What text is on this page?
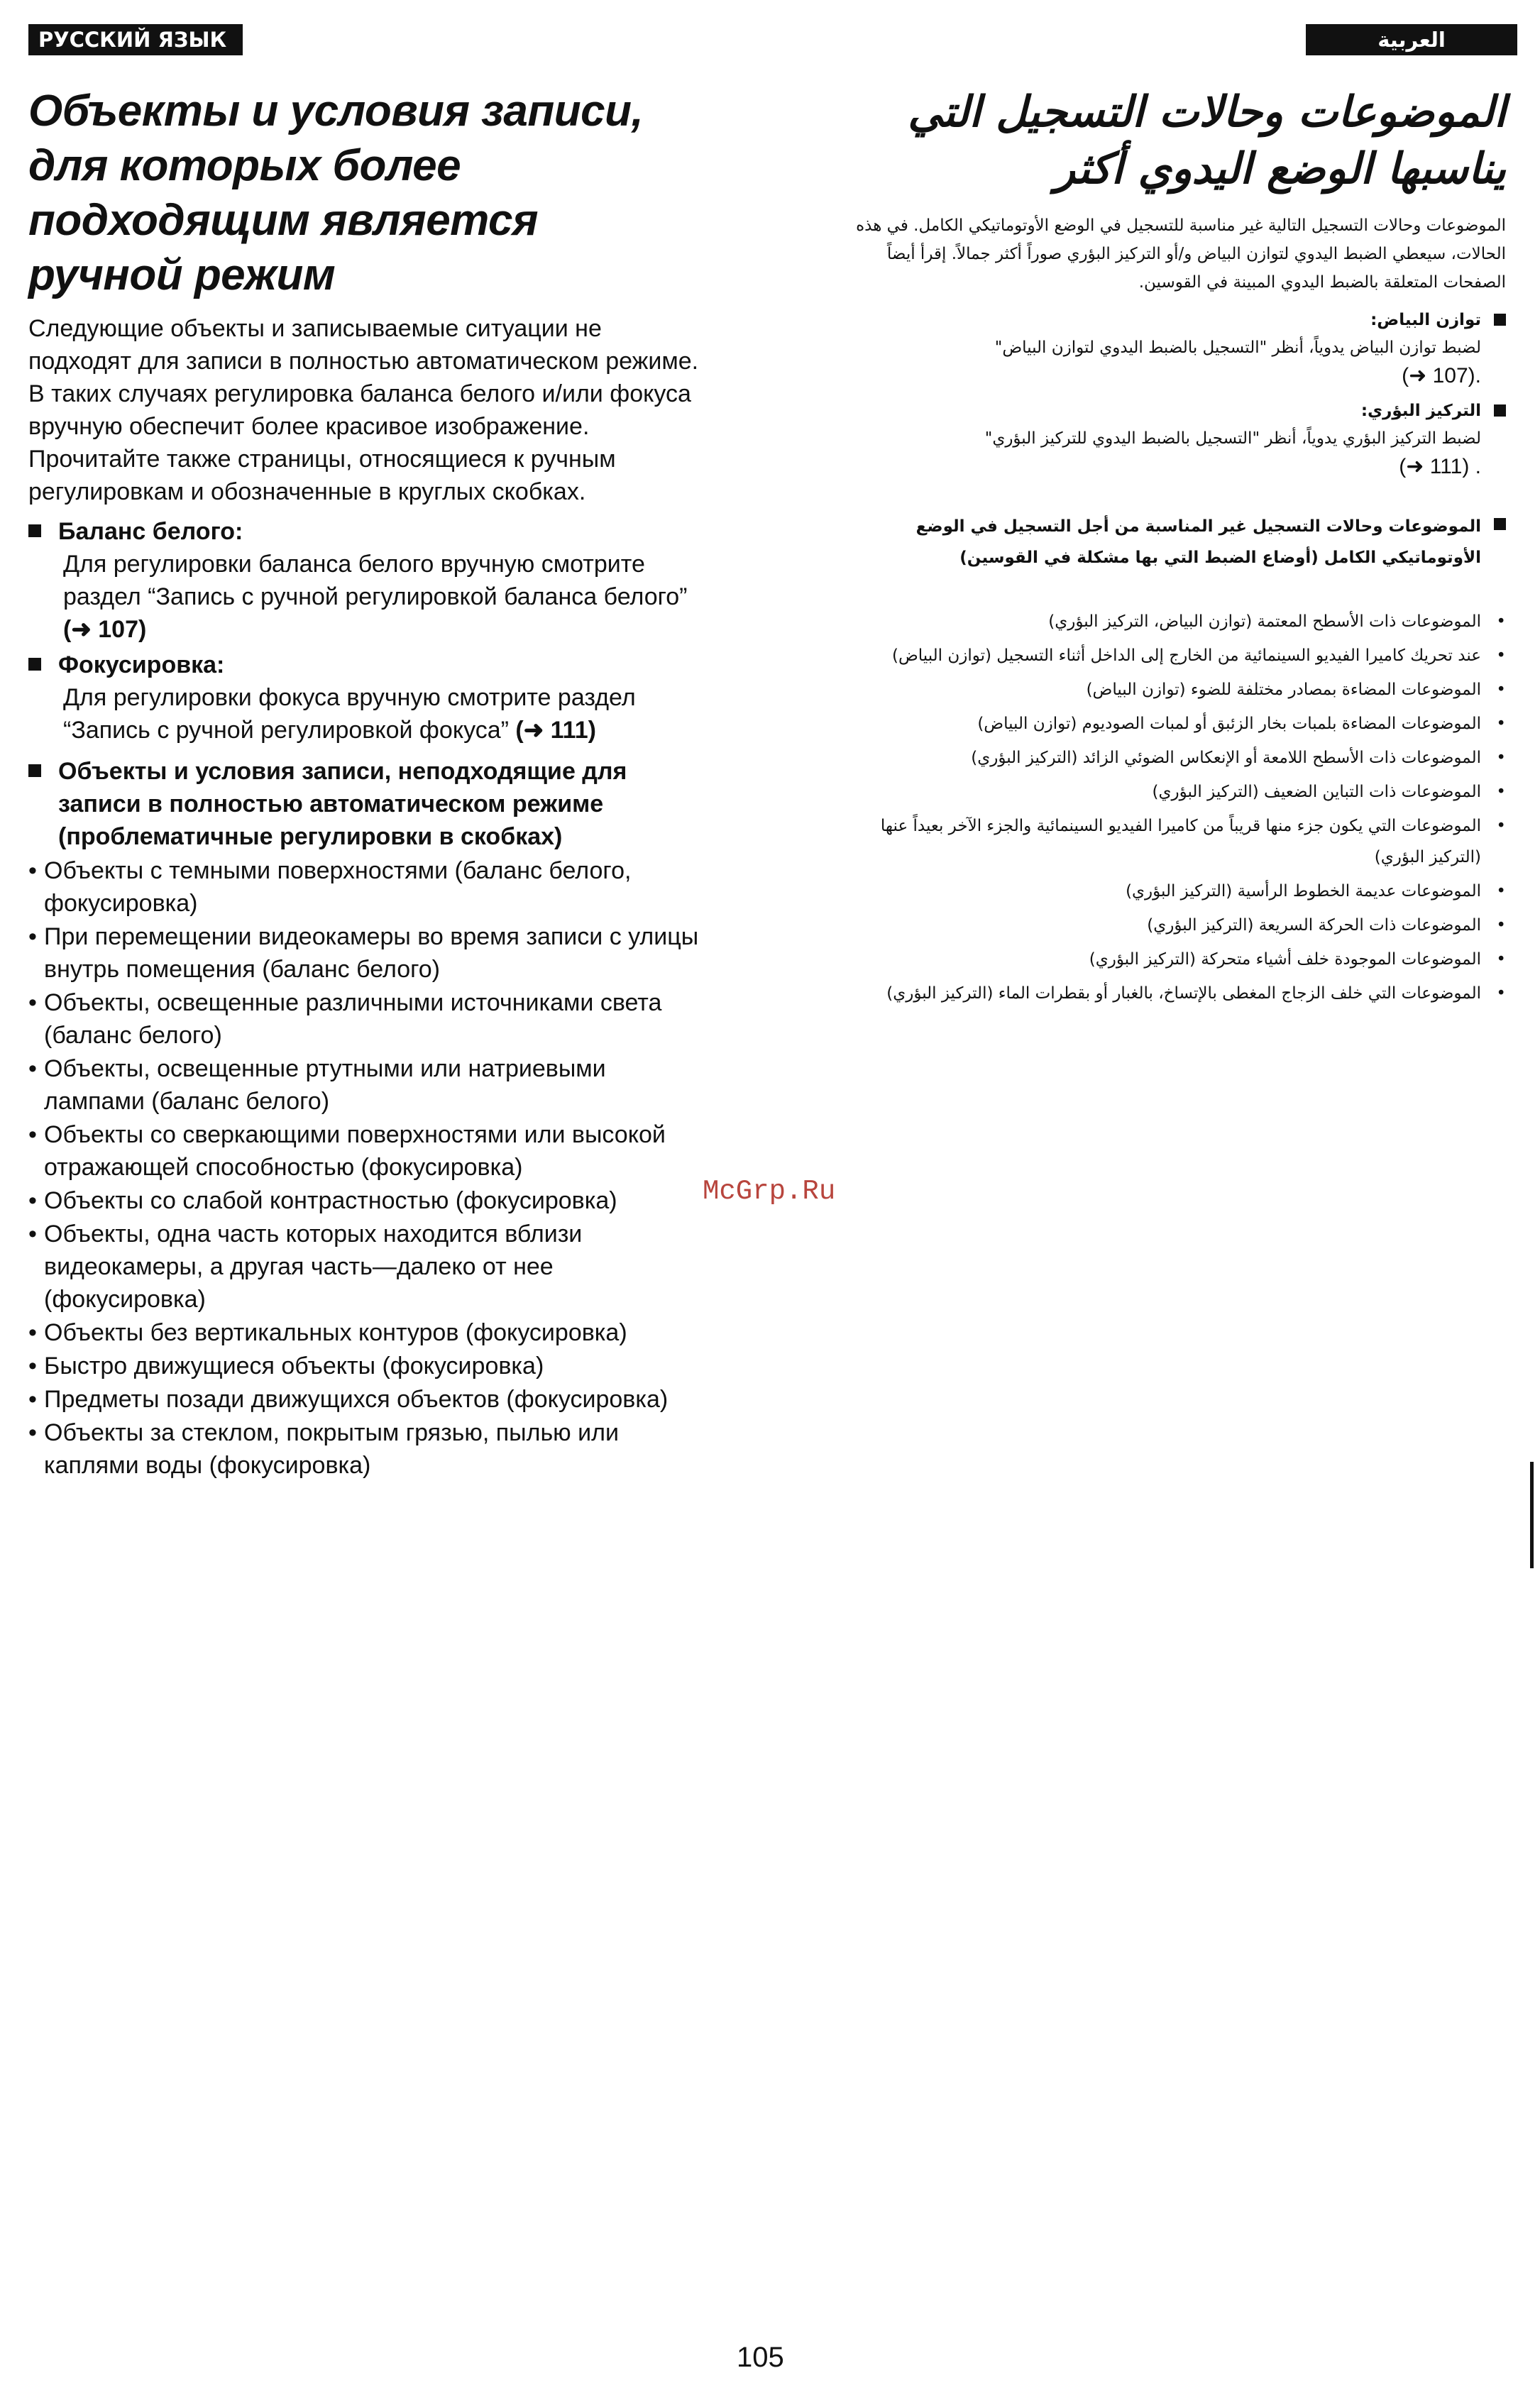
РУССКИЙ ЯЗЫК	العربية
Объекты и условия записи,
для которых более
подходящим является
ручной режим

Следующие объекты и записываемые ситуации не подходят для записи в полностью автоматическом режиме. В таких случаях регулировка баланса белого и/или фокуса вручную обеспечит более красивое изображение. Прочитайте также страницы, относящиеся к ручным регулировкам и обозначенные в круглых скобках.

Баланс белого:
Для регулировки баланса белого вручную смотрите раздел “Запись с ручной регулировкой баланса белого” (➜ 107)
Фокусировка:
Для регулировки фокуса вручную смотрите раздел “Запись с ручной регулировкой фокуса” (➜ 111)
Объекты и условия записи, неподходящие для записи в полностью автоматическом режиме (проблематичные регулировки в скобках)
• Объекты с темными поверхностями (баланс белого, фокусировка)
• При перемещении видеокамеры во время записи с улицы внутрь помещения (баланс белого)
• Объекты, освещенные различными источниками света (баланс белого)
• Объекты, освещенные ртутными или натриевыми лампами (баланс белого)
• Объекты со сверкающими поверхностями или высокой отражающей способностью (фокусировка)
• Объекты со слабой контрастностью (фокусировка)
• Объекты, одна часть которых находится вблизи видеокамеры, а другая часть—далеко от нее (фокусировка)
• Объекты без вертикальных контуров (фокусировка)
• Быстро движущиеся объекты (фокусировка)
• Предметы позади движущихся объектов (фокусировка)
• Объекты за стеклом, покрытым грязью, пылью или каплями воды (фокусировка)
الموضوعات وحالات التسجيل التي
يناسبها الوضع اليدوي أكثر

الموضوعات وحالات التسجيل التالية غير مناسبة للتسجيل في الوضع الأوتوماتيكي الكامل. في هذه الحالات، سيعطي الضبط اليدوي لتوازن البياض و/أو التركيز البؤري صوراً أكثر جمالاً. إقرأ أيضاً الصفحات المتعلقة بالضبط اليدوي المبينة في القوسين.

توازن البياض:
لضبط توازن البياض يدوياً، أنظر "التسجيل بالضبط اليدوي لتوازن البياض"
(➜ 107).
التركيز البؤري:
لضبط التركيز البؤري يدوياً، أنظر "التسجيل بالضبط اليدوي للتركيز البؤري"
(➜ 111) .
الموضوعات وحالات التسجيل غير المناسبة من أجل التسجيل في الوضع الأوتوماتيكي الكامل (أوضاع الضبط التي بها مشكلة في القوسين)
• الموضوعات ذات الأسطح المعتمة (توازن البياض، التركيز البؤري)
• عند تحريك كاميرا الفيديو السينمائية من الخارج إلى الداخل أثناء التسجيل (توازن البياض)
• الموضوعات المضاءة بمصادر مختلفة للضوء (توازن البياض)
• الموضوعات المضاءة بلمبات بخار الزئبق أو لمبات الصوديوم (توازن البياض)
• الموضوعات ذات الأسطح اللامعة أو الإنعكاس الضوئي الزائد (التركيز البؤري)
• الموضوعات ذات التباين الضعيف (التركيز البؤري)
• الموضوعات التي يكون جزء منها قريباً من كاميرا الفيديو السينمائية والجزء الآخر بعيداً عنها (التركيز البؤري)
• الموضوعات عديمة الخطوط الرأسية (التركيز البؤري)
• الموضوعات ذات الحركة السريعة (التركيز البؤري)
• الموضوعات الموجودة خلف أشياء متحركة (التركيز البؤري)
• الموضوعات التي خلف الزجاج المغطى بالإتساخ، بالغبار أو بقطرات الماء (التركيز البؤري)
McGrp.Ru
105
